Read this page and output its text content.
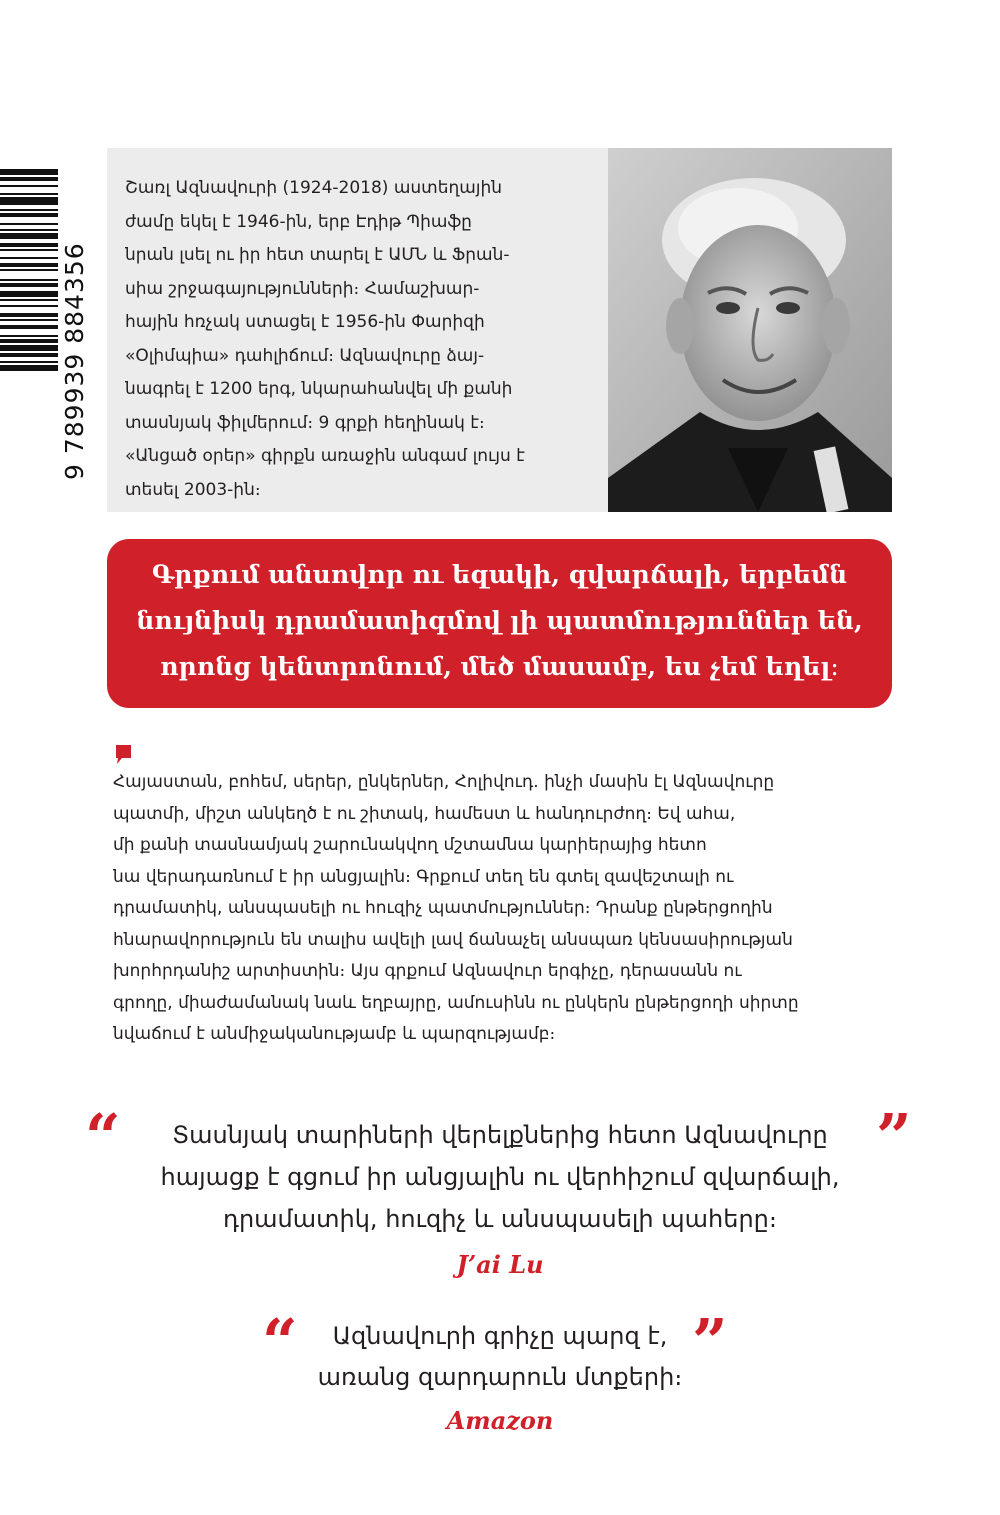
9 789939 884356
Շառլ Ազնավուրի (1924-2018) աստեղային
ժամը եկել է 1946-ին, երբ Էդիթ Պիաֆը
նրան լսել ու իր հետ տարել է ԱՄՆ և Ֆրան-
սիա շրջագայությունների։ Համաշխար-
հային հռչակ ստացել է 1956-ին Փարիզի
«Օլիմպիա» դահլիճում։ Ազնավուրը ձայ-
նագրել է 1200 երգ, նկարահանվել մի քանի
տասնյակ ֆիլմերում։ 9 գրքի հեղինակ է։
«Անցած օրեր» գիրքն առաջին անգամ լույս է
տեսել 2003-ին։
Գրքում անսովոր ու եզակի, զվարճալի, երբեմն
նույնիսկ դրամատիզմով լի պատմություններ են,
որոնց կենտրոնում, մեծ մասամբ, ես չեմ եղել։
Հայաստան, բոհեմ, սերեր, ընկերներ, Հոլիվուդ. ինչի մասին էլ Ազնավուրը
պատմի, միշտ անկեղծ է ու շիտակ, համեստ և հանդուրժող։ Եվ ահա,
մի քանի տասնամյակ շարունակվող մշտամնա կարիերայից հետո
նա վերադառնում է իր անցյալին։ Գրքում տեղ են գտել զավեշտալի ու
դրամատիկ, անսպասելի ու հուզիչ պատմություններ։ Դրանք ընթերցողին
հնարավորություն են տալիս ավելի լավ ճանաչել անսպառ կենսասիրության
խորհրդանիշ արտիստին։ Այս գրքում Ազնավուր երգիչը, դերասանն ու
գրողը, միաժամանակ նաև եղբայրը, ամուսինն ու ընկերն ընթերցողի սիրտը
նվաճում է անմիջականությամբ և պարզությամբ։
“	”
Տասնյակ տարիների վերելքներից հետո Ազնավուրը
հայացք է գցում իր անցյալին ու վերհիշում զվարճալի,
դրամատիկ, հուզիչ և անսպասելի պահերը։
J’ai Lu
“	”
Ազնավուրի գրիչը պարզ է,
առանց զարդարուն մտքերի։
Amazon
